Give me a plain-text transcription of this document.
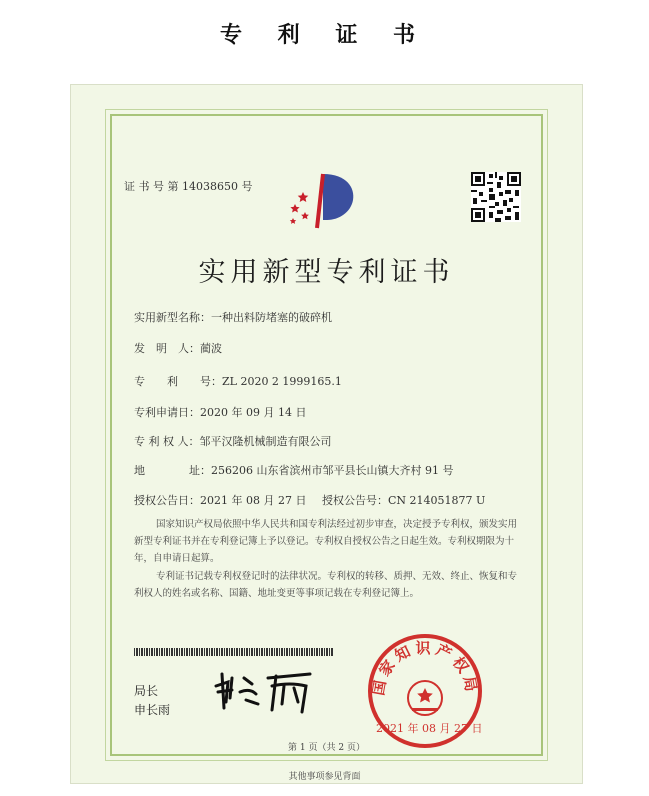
专 利 证 书
证 书 号 第 14038650 号
实用新型专利证书
实用新型名称：一种出料防堵塞的破碎机
发　明　人：蔺波
专　　利　　号：ZL 2020 2 1999165.1
专利申请日：2020 年 09 月 14 日
专 利 权 人：邹平汉隆机械制造有限公司
地　　　　址：256206 山东省滨州市邹平县长山镇大齐村 91 号
授权公告日：2021 年 08 月 27 日 授权公告号：CN 214051877 U
国家知识产权局依照中华人民共和国专利法经过初步审查，决定授予专利权，颁发实用新型专利证书并在专利登记簿上予以登记。专利权自授权公告之日起生效。专利权期限为十年，自申请日起算。
专利证书记载专利权登记时的法律状况。专利权的转移、质押、无效、终止、恢复和专利权人的姓名或名称、国籍、地址变更等事项记载在专利登记簿上。
局长
申长雨
国家知识产权局
2021 年 08 月 27 日
第 1 页（共 2 页）
其他事项参见背面
